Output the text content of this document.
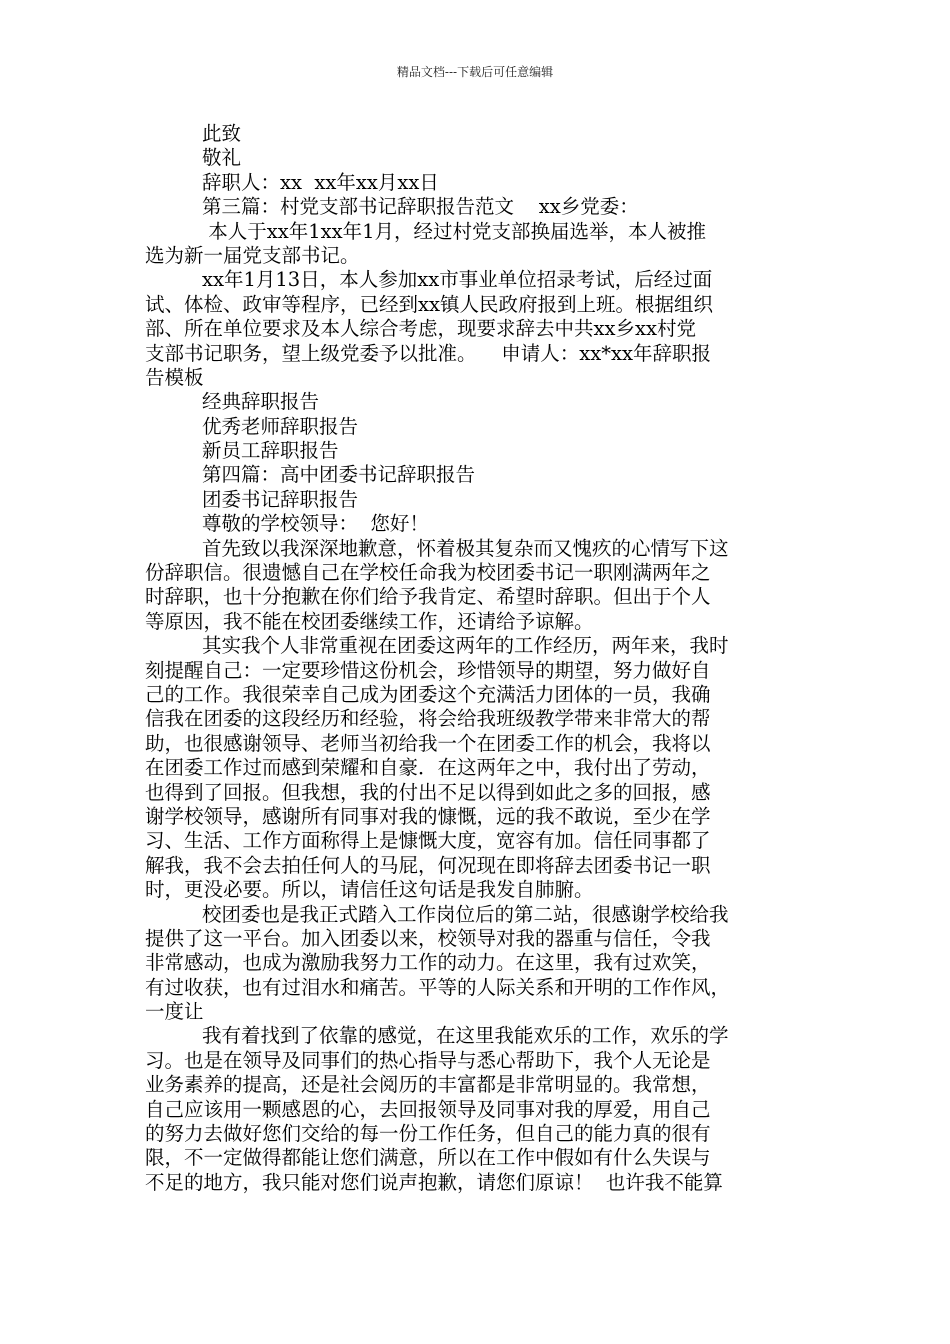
精品文档---下载后可任意编辑
此致
敬礼
辞职人：xx  xx年xx月xx日
第三篇：村党支部书记辞职报告范文    xx乡党委：
本人于xx年1xx年1月，经过村党支部换届选举，本人被推
选为新一届党支部书记。
xx年1月13日，本人参加xx市事业单位招录考试，后经过面
试、体检、政审等程序，已经到xx镇人民政府报到上班。根据组织
部、所在单位要求及本人综合考虑，现要求辞去中共xx乡xx村党
支部书记职务，望上级党委予以批准。    申请人：xx*xx年辞职报
告模板
经典辞职报告
优秀老师辞职报告
新员工辞职报告
第四篇：高中团委书记辞职报告
团委书记辞职报告
尊敬的学校领导：  您好！
首先致以我深深地歉意，怀着极其复杂而又愧疚的心情写下这
份辞职信。很遗憾自己在学校任命我为校团委书记一职刚满两年之
时辞职，也十分抱歉在你们给予我肯定、希望时辞职。但出于个人
等原因，我不能在校团委继续工作，还请给予谅解。
其实我个人非常重视在团委这两年的工作经历，两年来，我时
刻提醒自己：一定要珍惜这份机会，珍惜领导的期望，努力做好自
己的工作。我很荣幸自己成为团委这个充满活力团体的一员，我确
信我在团委的这段经历和经验，将会给我班级教学带来非常大的帮
助，也很感谢领导、老师当初给我一个在团委工作的机会，我将以
在团委工作过而感到荣耀和自豪．在这两年之中，我付出了劳动，
也得到了回报。但我想，我的付出不足以得到如此之多的回报，感
谢学校领导，感谢所有同事对我的慷慨，远的我不敢说，至少在学
习、生活、工作方面称得上是慷慨大度，宽容有加。信任同事都了
解我，我不会去拍任何人的马屁，何况现在即将辞去团委书记一职
时，更没必要。所以，请信任这句话是我发自肺腑。
校团委也是我正式踏入工作岗位后的第二站，很感谢学校给我
提供了这一平台。加入团委以来，校领导对我的器重与信任，令我
非常感动，也成为激励我努力工作的动力。在这里，我有过欢笑，
有过收获，也有过泪水和痛苦。平等的人际关系和开明的工作作风，
一度让
我有着找到了依靠的感觉，在这里我能欢乐的工作，欢乐的学
习。也是在领导及同事们的热心指导与悉心帮助下，我个人无论是
业务素养的提高，还是社会阅历的丰富都是非常明显的。我常想，
自己应该用一颗感恩的心，去回报领导及同事对我的厚爱，用自己
的努力去做好您们交给的每一份工作任务，但自己的能力真的很有
限，不一定做得都能让您们满意，所以在工作中假如有什么失误与
不足的地方，我只能对您们说声抱歉，请您们原谅！  也许我不能算
